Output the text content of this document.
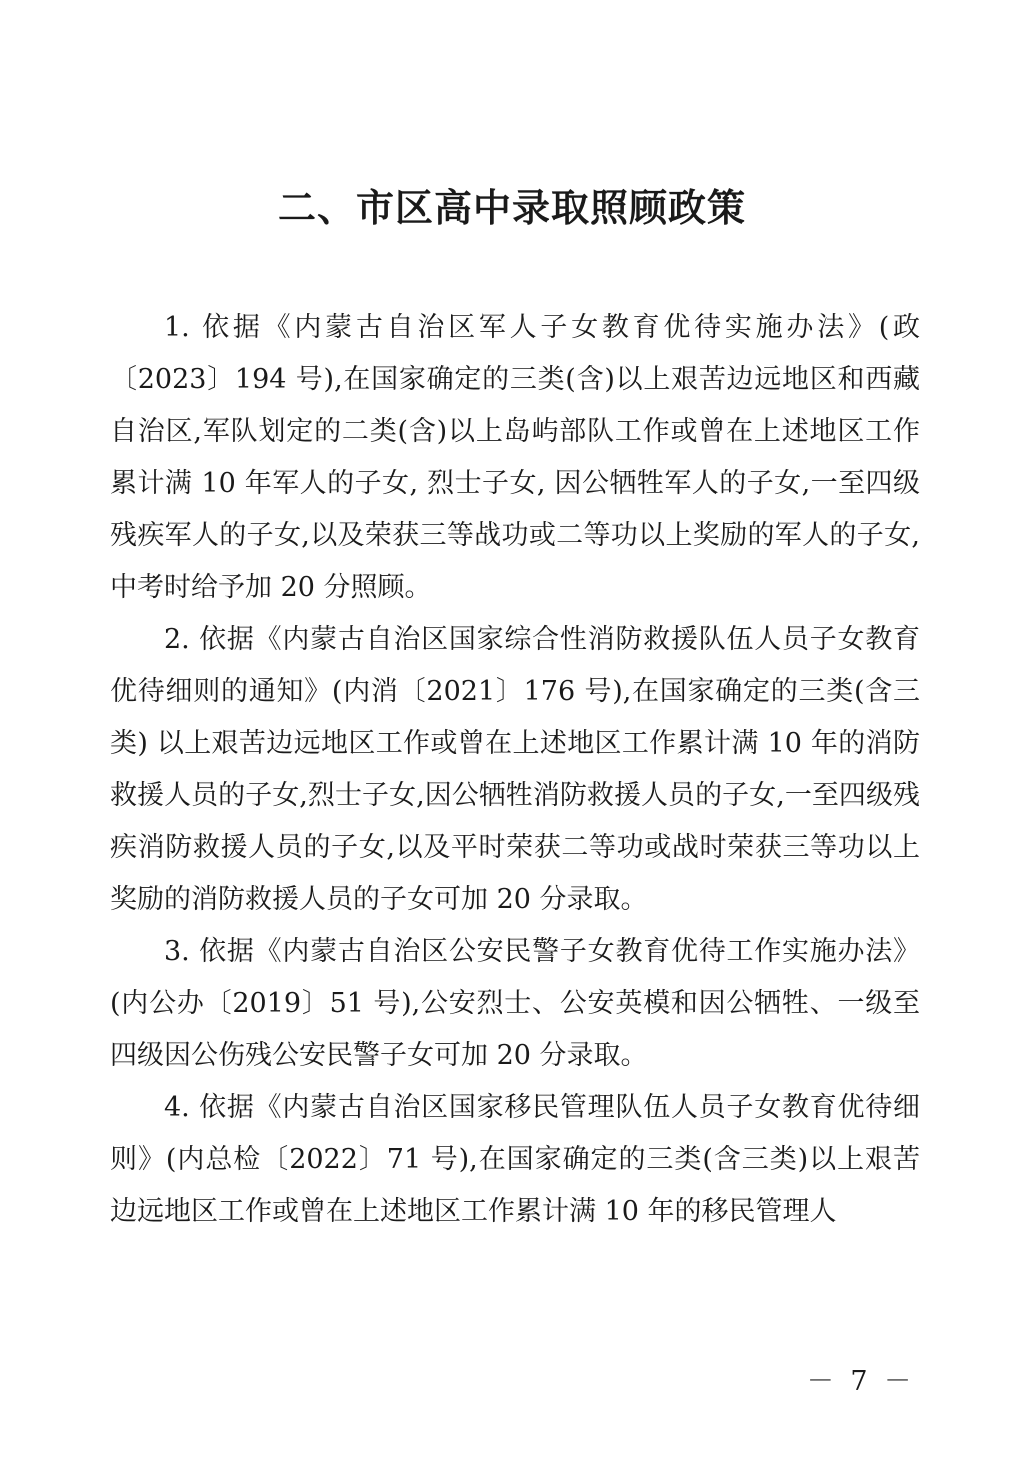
二、市区高中录取照顾政策

1. 依据《内蒙古自治区军人子女教育优待实施办法》(政〔2023〕194 号),在国家确定的三类(含)以上艰苦边远地区和西藏自治区,军队划定的二类(含)以上岛屿部队工作或曾在上述地区工作累计满 10 年军人的子女, 烈士子女, 因公牺牲军人的子女,一至四级残疾军人的子女,以及荣获三等战功或二等功以上奖励的军人的子女,中考时给予加 20 分照顾。

2. 依据《内蒙古自治区国家综合性消防救援队伍人员子女教育优待细则的通知》(内消〔2021〕176 号),在国家确定的三类(含三类) 以上艰苦边远地区工作或曾在上述地区工作累计满 10 年的消防救援人员的子女,烈士子女,因公牺牲消防救援人员的子女,一至四级残疾消防救援人员的子女,以及平时荣获二等功或战时荣获三等功以上奖励的消防救援人员的子女可加 20 分录取。

3. 依据《内蒙古自治区公安民警子女教育优待工作实施办法》(内公办〔2019〕51 号),公安烈士、公安英模和因公牺牲、一级至四级因公伤残公安民警子女可加 20 分录取。

4. 依据《内蒙古自治区国家移民管理队伍人员子女教育优待细则》(内总检〔2022〕71 号),在国家确定的三类(含三类)以上艰苦边远地区工作或曾在上述地区工作累计满 10 年的移民管理人

－ 7 －
